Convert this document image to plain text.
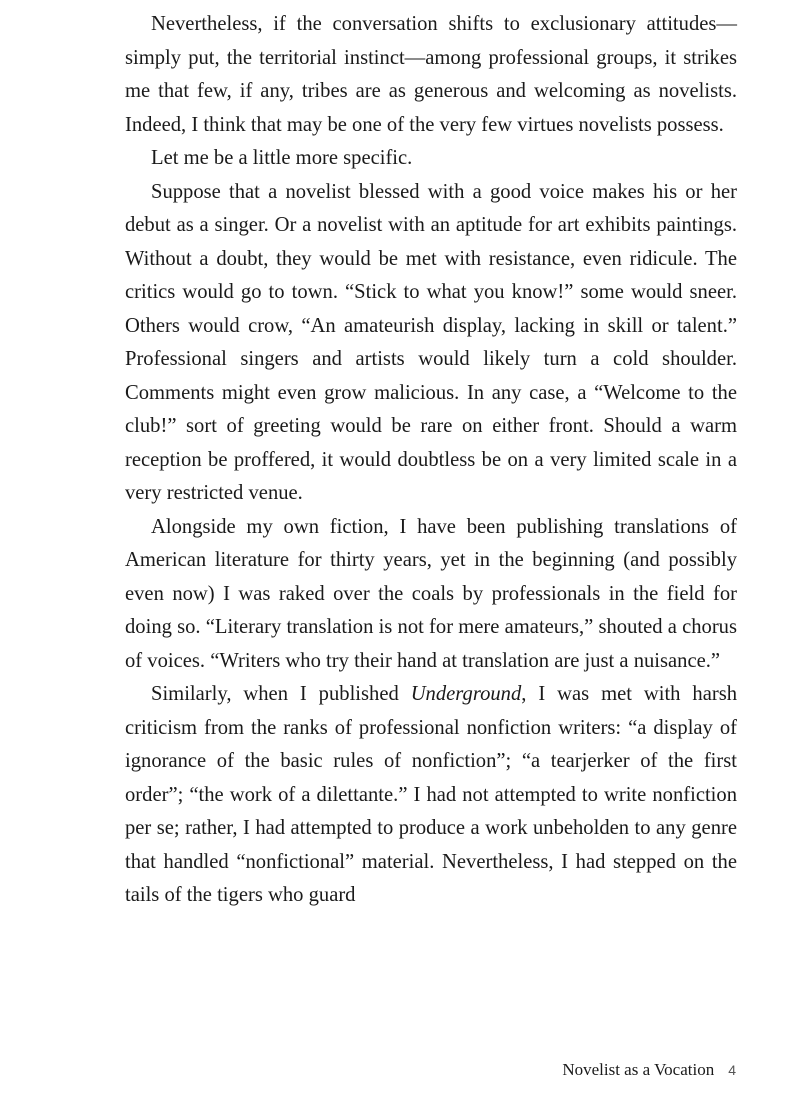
Nevertheless, if the conversation shifts to exclusionary attitudes—simply put, the territorial instinct—among professional groups, it strikes me that few, if any, tribes are as generous and welcoming as novelists. Indeed, I think that may be one of the very few virtues novelists possess.

Let me be a little more specific.

Suppose that a novelist blessed with a good voice makes his or her debut as a singer. Or a novelist with an aptitude for art exhibits paintings. Without a doubt, they would be met with resistance, even ridicule. The critics would go to town. “Stick to what you know!” some would sneer. Others would crow, “An amateurish display, lacking in skill or talent.” Professional singers and artists would likely turn a cold shoulder. Comments might even grow malicious. In any case, a “Welcome to the club!” sort of greeting would be rare on either front. Should a warm reception be proffered, it would doubtless be on a very limited scale in a very restricted venue.

Alongside my own fiction, I have been publishing translations of American literature for thirty years, yet in the beginning (and possibly even now) I was raked over the coals by professionals in the field for doing so. “Literary translation is not for mere amateurs,” shouted a chorus of voices. “Writers who try their hand at translation are just a nuisance.”

Similarly, when I published Underground, I was met with harsh criticism from the ranks of professional nonfiction writers: “a display of ignorance of the basic rules of nonfiction”; “a tearjerker of the first order”; “the work of a dilettante.” I had not attempted to write nonfiction per se; rather, I had attempted to produce a work unbeholden to any genre that handled “nonfictional” material. Nevertheless, I had stepped on the tails of the tigers who guard

Novelist as a Vocation 4
